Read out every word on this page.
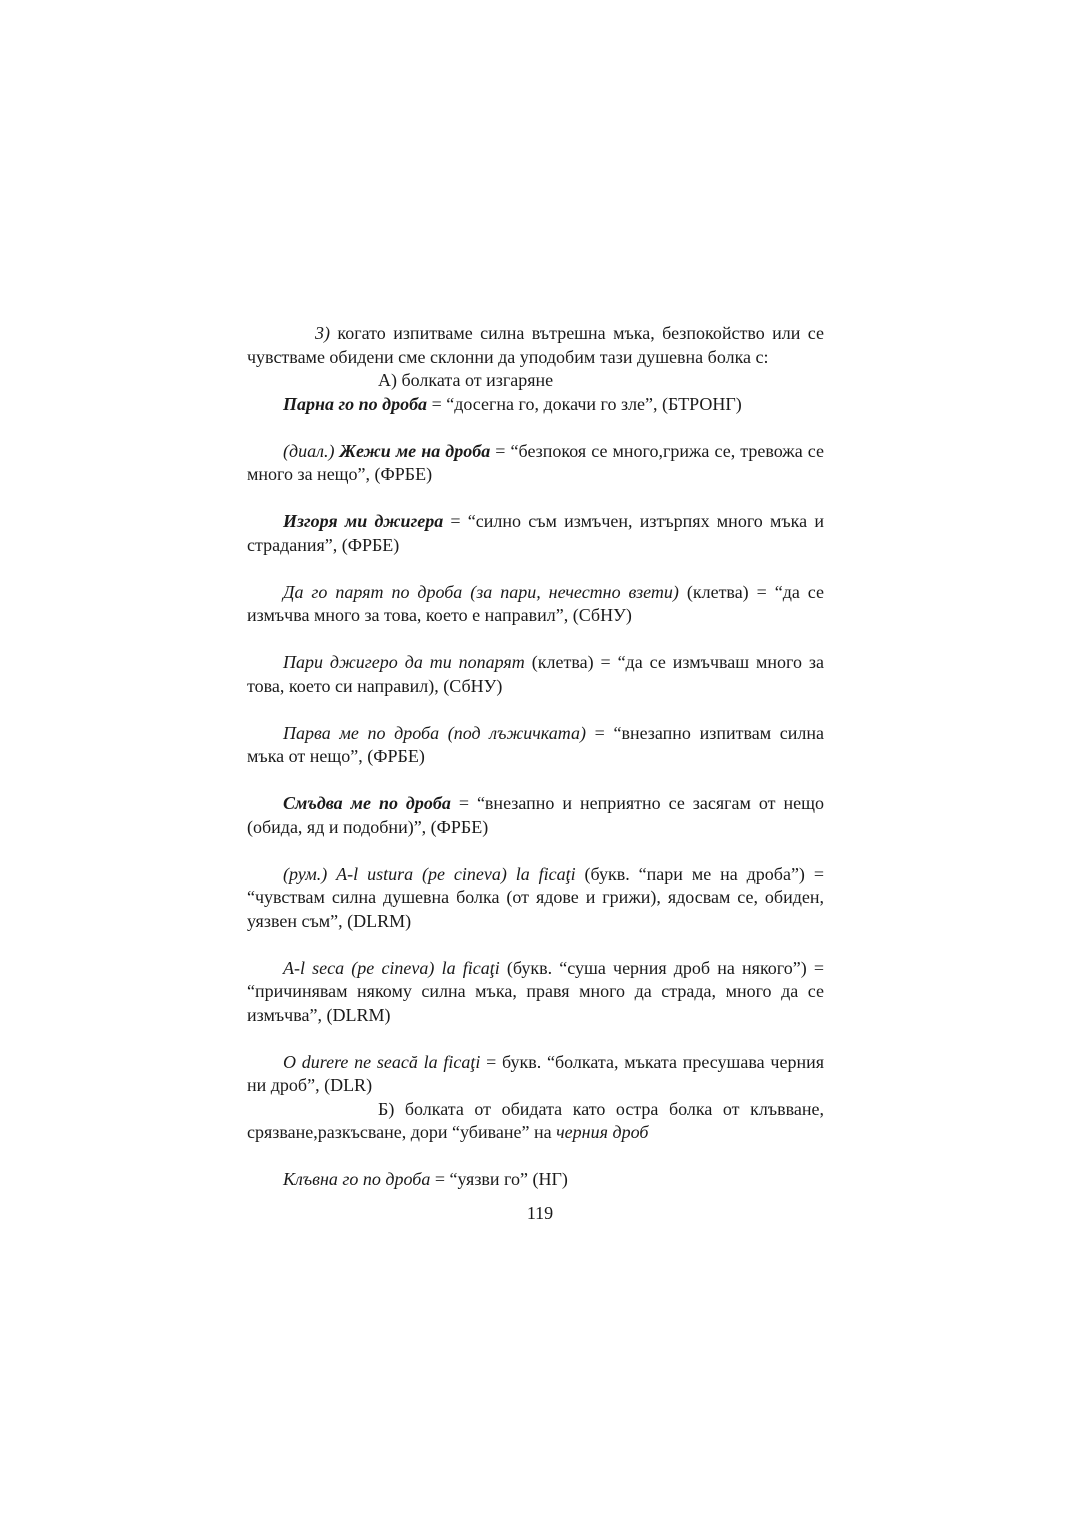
3) когато изпитваме силна вътрешна мъка, безпокойство или се чувстваме обидени сме склонни да уподобим тази душевна болка с:

А) болката от изгаряне

Парна го по дроба = “досегна го, докачи го зле”, (БТРОНГ)

(диал.) Жежи ме на дроба = “безпокоя се много,грижа се, тревожа се много за нещо”, (ФРБЕ)

Изгоря ми джигера = “силно съм измъчен, изтърпях много мъка и страдания”, (ФРБЕ)

Да го парят по дроба (за пари, нечестно взети) (клетва) = “да се измъчва много за това, което е направил”, (СбНУ)

Пари джигеро да ти попарят (клетва) = “да се измъчваш много за това, което си направил), (СбНУ)

Парва ме по дроба (под лъжичката) = “внезапно изпитвам силна мъка от нещо”, (ФРБЕ)

Смъдва ме по дроба = “внезапно и неприятно се засягам от нещо (обида, яд и подобни)”, (ФРБЕ)

(рум.) A-l ustura (pe cineva) la ficaţi (букв. “пари ме на дроба”) = “чувствам силна душевна болка (от ядове и грижи), ядосвам се, обиден, уязвен съм”, (DLRM)

A-l seca (pe cineva) la ficaţi (букв. “суша черния дроб на някого”) = “причинявам някому силна мъка, правя много да страда, много да се измъчва”, (DLRM)

O durere ne seacă la ficaţi = букв. “болката, мъката пресушава черния ни дроб”, (DLR)

Б) болката от обидата като остра болка от клъвване, срязване,разкъсване, дори “убиване” на черния дроб

Клъвна го по дроба = “уязви го” (НГ)

119
